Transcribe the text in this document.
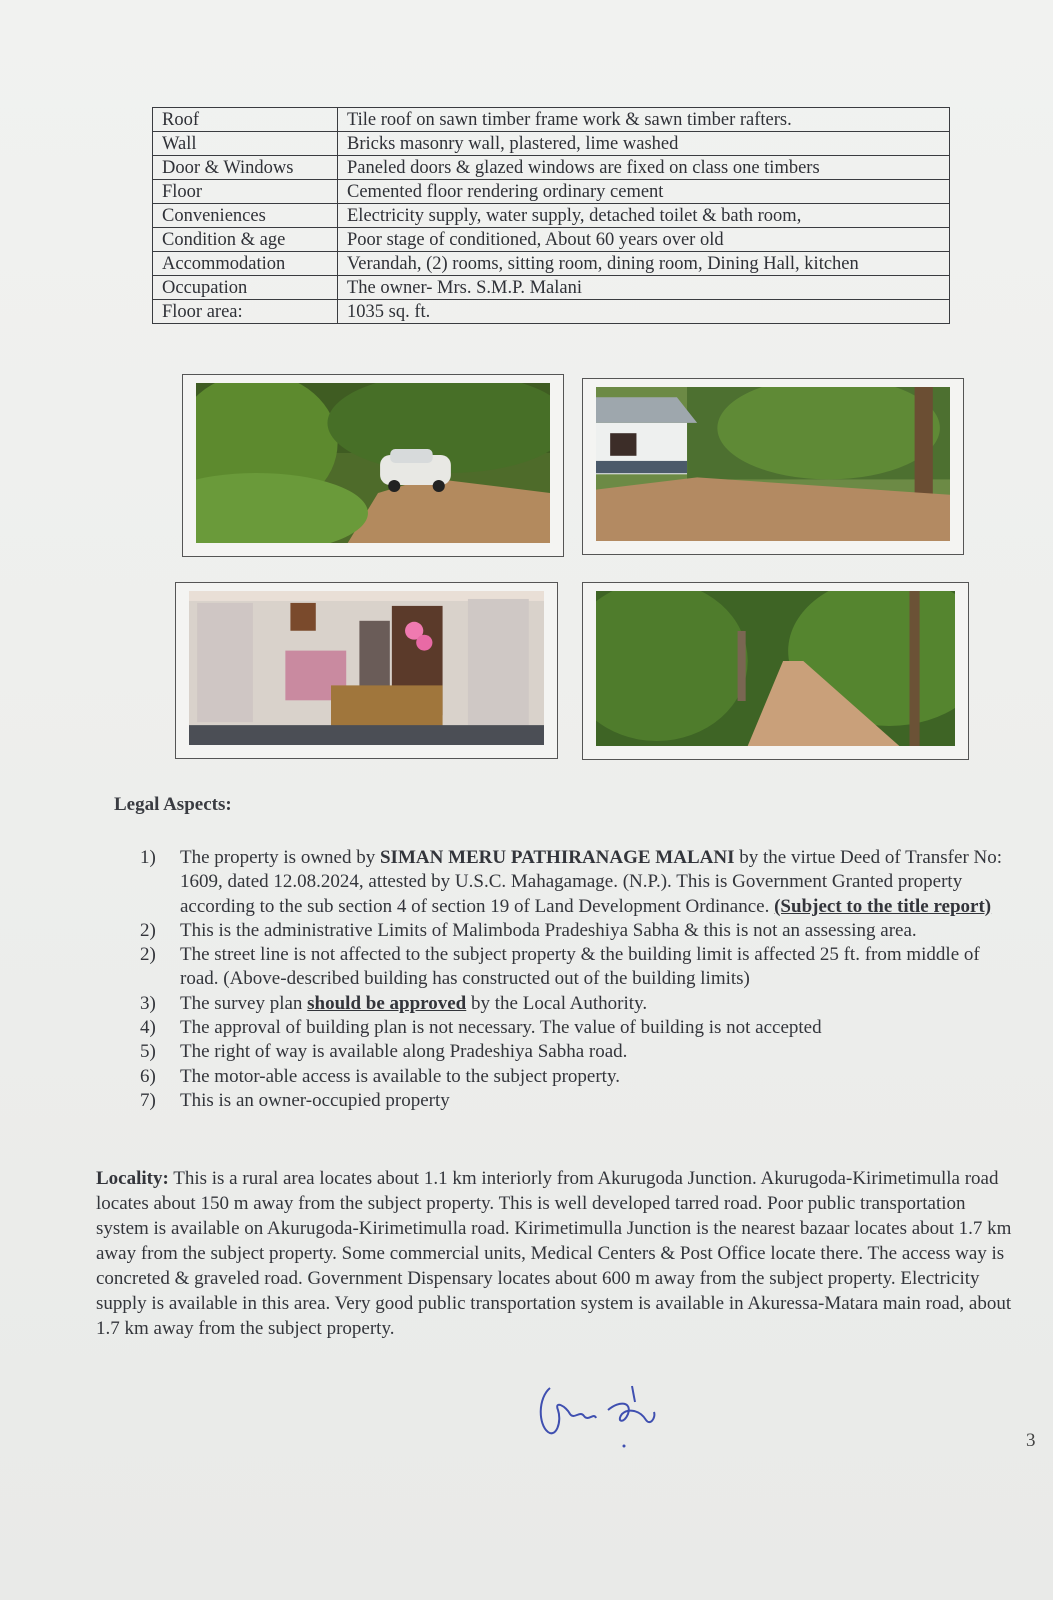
Roof	Tile roof on sawn timber frame work & sawn timber rafters.
Wall	Bricks masonry wall, plastered, lime washed
Door & Windows	Paneled doors & glazed windows are fixed on class one timbers
Floor	Cemented floor rendering ordinary cement
Conveniences	Electricity supply, water supply, detached toilet & bath room,
Condition & age	Poor stage of conditioned, About 60 years over old
Accommodation	Verandah, (2) rooms, sitting room, dining room, Dining Hall, kitchen
Occupation	The owner- Mrs. S.M.P. Malani
Floor area:	1035 sq. ft.
Legal Aspects:
1)	The property is owned by SIMAN MERU PATHIRANAGE MALANI by the virtue Deed of Transfer No: 1609, dated 12.08.2024, attested by U.S.C. Mahagamage. (N.P.). This is Government Granted property according to the sub section 4 of section 19 of Land Development Ordinance. (Subject to the title report)
2)	This is the administrative Limits of Malimboda Pradeshiya Sabha & this is not an assessing area.
2)	The street line is not affected to the subject property & the building limit is affected 25 ft. from middle of road. (Above-described building has constructed out of the building limits)
3)	The survey plan should be approved by the Local Authority.
4)	The approval of building plan is not necessary. The value of building is not accepted
5)	The right of way is available along Pradeshiya Sabha road.
6)	The motor-able access is available to the subject property.
7)	This is an owner-occupied property
Locality: This is a rural area locates about 1.1 km interiorly from Akurugoda Junction. Akurugoda-Kirimetimulla road locates about 150 m away from the subject property. This is well developed tarred road. Poor public transportation system is available on Akurugoda-Kirimetimulla road. Kirimetimulla Junction is the nearest bazaar locates about 1.7 km away from the subject property. Some commercial units, Medical Centers & Post Office locate there. The access way is concreted & graveled road. Government Dispensary locates about 600 m away from the subject property. Electricity supply is available in this area. Very good public transportation system is available in Akuressa-Matara main road, about 1.7 km away from the subject property.
3
